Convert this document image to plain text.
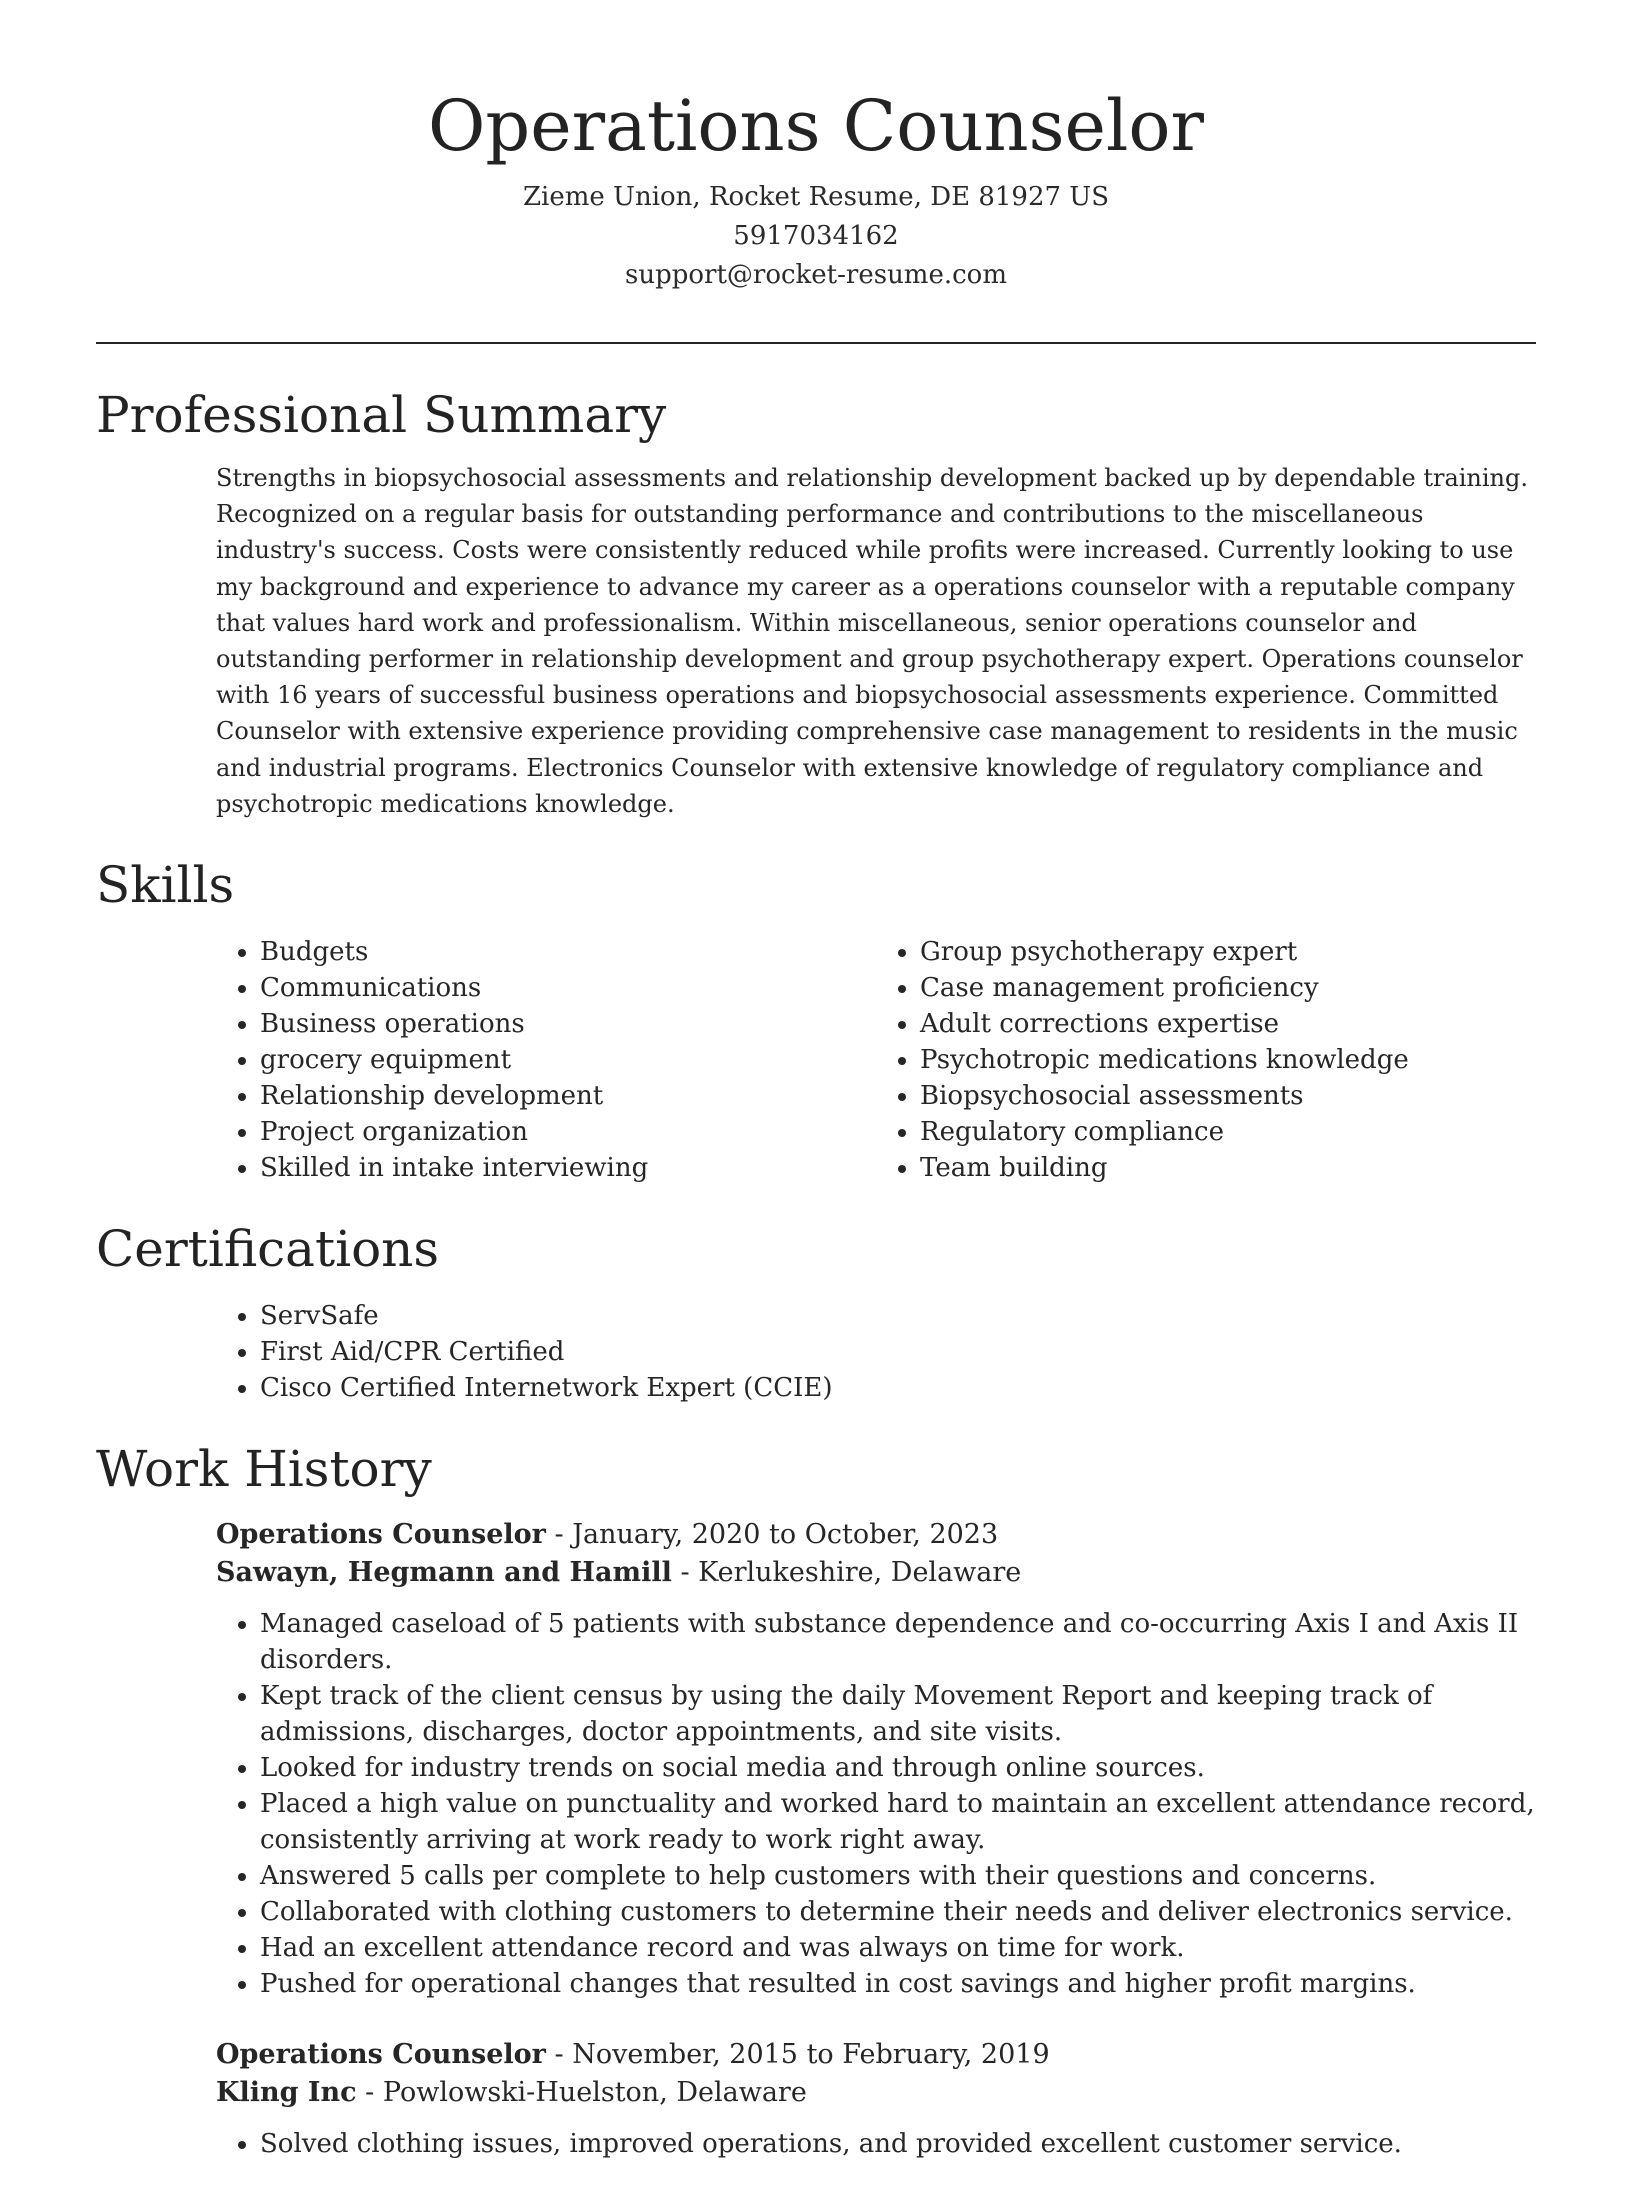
Operations Counselor
Zieme Union, Rocket Resume, DE 81927 US
5917034162
support@rocket-resume.com
Professional Summary

Strengths in biopsychosocial assessments and relationship development backed up by dependable training. Recognized on a regular basis for outstanding performance and contributions to the miscellaneous industry's success. Costs were consistently reduced while profits were increased. Currently looking to use my background and experience to advance my career as a operations counselor with a reputable company that values hard work and professionalism. Within miscellaneous, senior operations counselor and outstanding performer in relationship development and group psychotherapy expert. Operations counselor with 16 years of successful business operations and biopsychosocial assessments experience. Committed Counselor with extensive experience providing comprehensive case management to residents in the music and industrial programs. Electronics Counselor with extensive knowledge of regulatory compliance and psychotropic medications knowledge.

Skills
• Budgets
• Communications
• Business operations
• grocery equipment
• Relationship development
• Project organization
• Skilled in intake interviewing
• Group psychotherapy expert
• Case management proficiency
• Adult corrections expertise
• Psychotropic medications knowledge
• Biopsychosocial assessments
• Regulatory compliance
• Team building
Certifications
• ServSafe
• First Aid/CPR Certified
• Cisco Certified Internetwork Expert (CCIE)
Work History
Operations Counselor - January, 2020 to October, 2023
Sawayn, Hegmann and Hamill - Kerlukeshire, Delaware
• Managed caseload of 5 patients with substance dependence and co-occurring Axis I and Axis II disorders.
• Kept track of the client census by using the daily Movement Report and keeping track of admissions, discharges, doctor appointments, and site visits.
• Looked for industry trends on social media and through online sources.
• Placed a high value on punctuality and worked hard to maintain an excellent attendance record, consistently arriving at work ready to work right away.
• Answered 5 calls per complete to help customers with their questions and concerns.
• Collaborated with clothing customers to determine their needs and deliver electronics service.
• Had an excellent attendance record and was always on time for work.
• Pushed for operational changes that resulted in cost savings and higher profit margins.
Operations Counselor - November, 2015 to February, 2019
Kling Inc - Powlowski-Huelston, Delaware
• Solved clothing issues, improved operations, and provided excellent customer service.
